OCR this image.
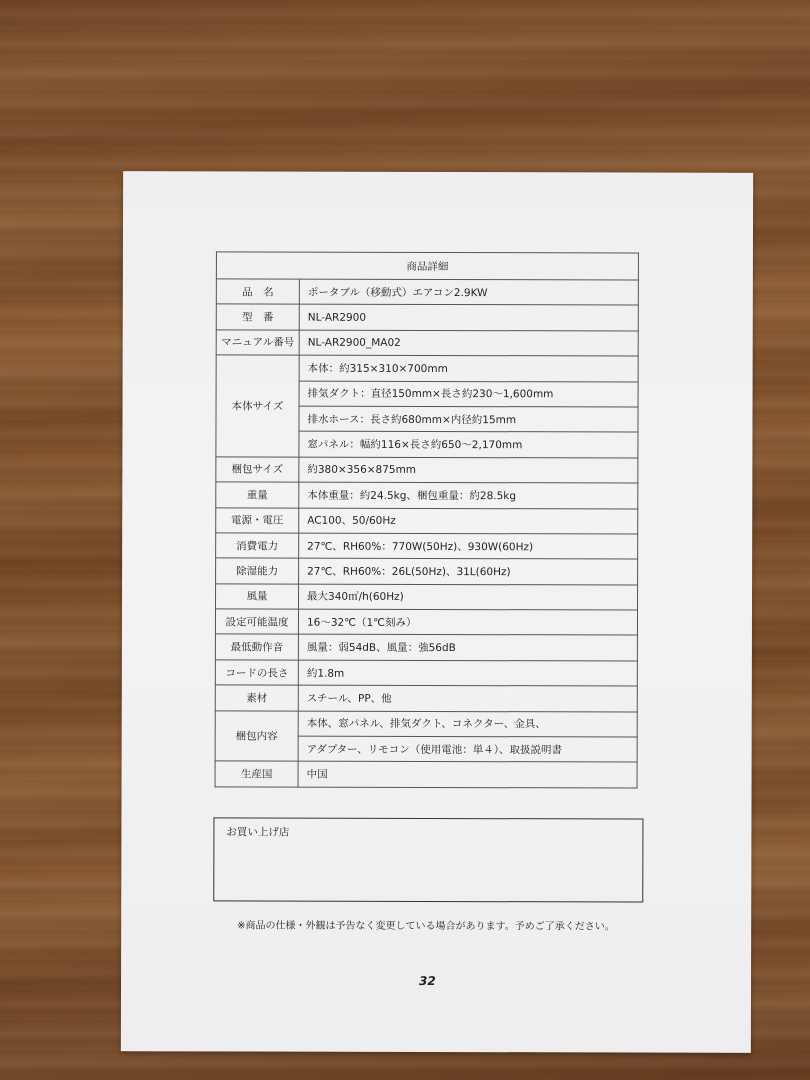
商品詳細	
品　名	ポータブル（移動式）エアコン2.9KW
型　番	NL-AR2900
マニュアル番号	NL-AR2900_MA02
本体サイズ	本体：約315×310×700mm
	排気ダクト：直径150mm×長さ約230～1,600mm
	排水ホース：長さ約680mm×内径約15mm
	窓パネル：幅約116×長さ約650～2,170mm
梱包サイズ	約380×356×875mm
重量	本体重量：約24.5kg、梱包重量：約28.5kg
電源・電圧	AC100、50/60Hz
消費電力	27℃、RH60%：770W(50Hz)、930W(60Hz)
除湿能力	27℃、RH60%：26L(50Hz)、31L(60Hz)
風量	最大340㎥/h(60Hz)
設定可能温度	16～32℃（1℃刻み）
最低動作音	風量：弱54dB、風量：強56dB
コードの長さ	約1.8m
素材	スチール、PP、他
梱包内容	本体、窓パネル、排気ダクト、コネクター、金具、
	アダプター、リモコン（使用電池：単４）、取扱説明書
生産国	中国
お買い上げ店
※商品の仕様・外観は予告なく変更している場合があります。予めご了承ください。
32
